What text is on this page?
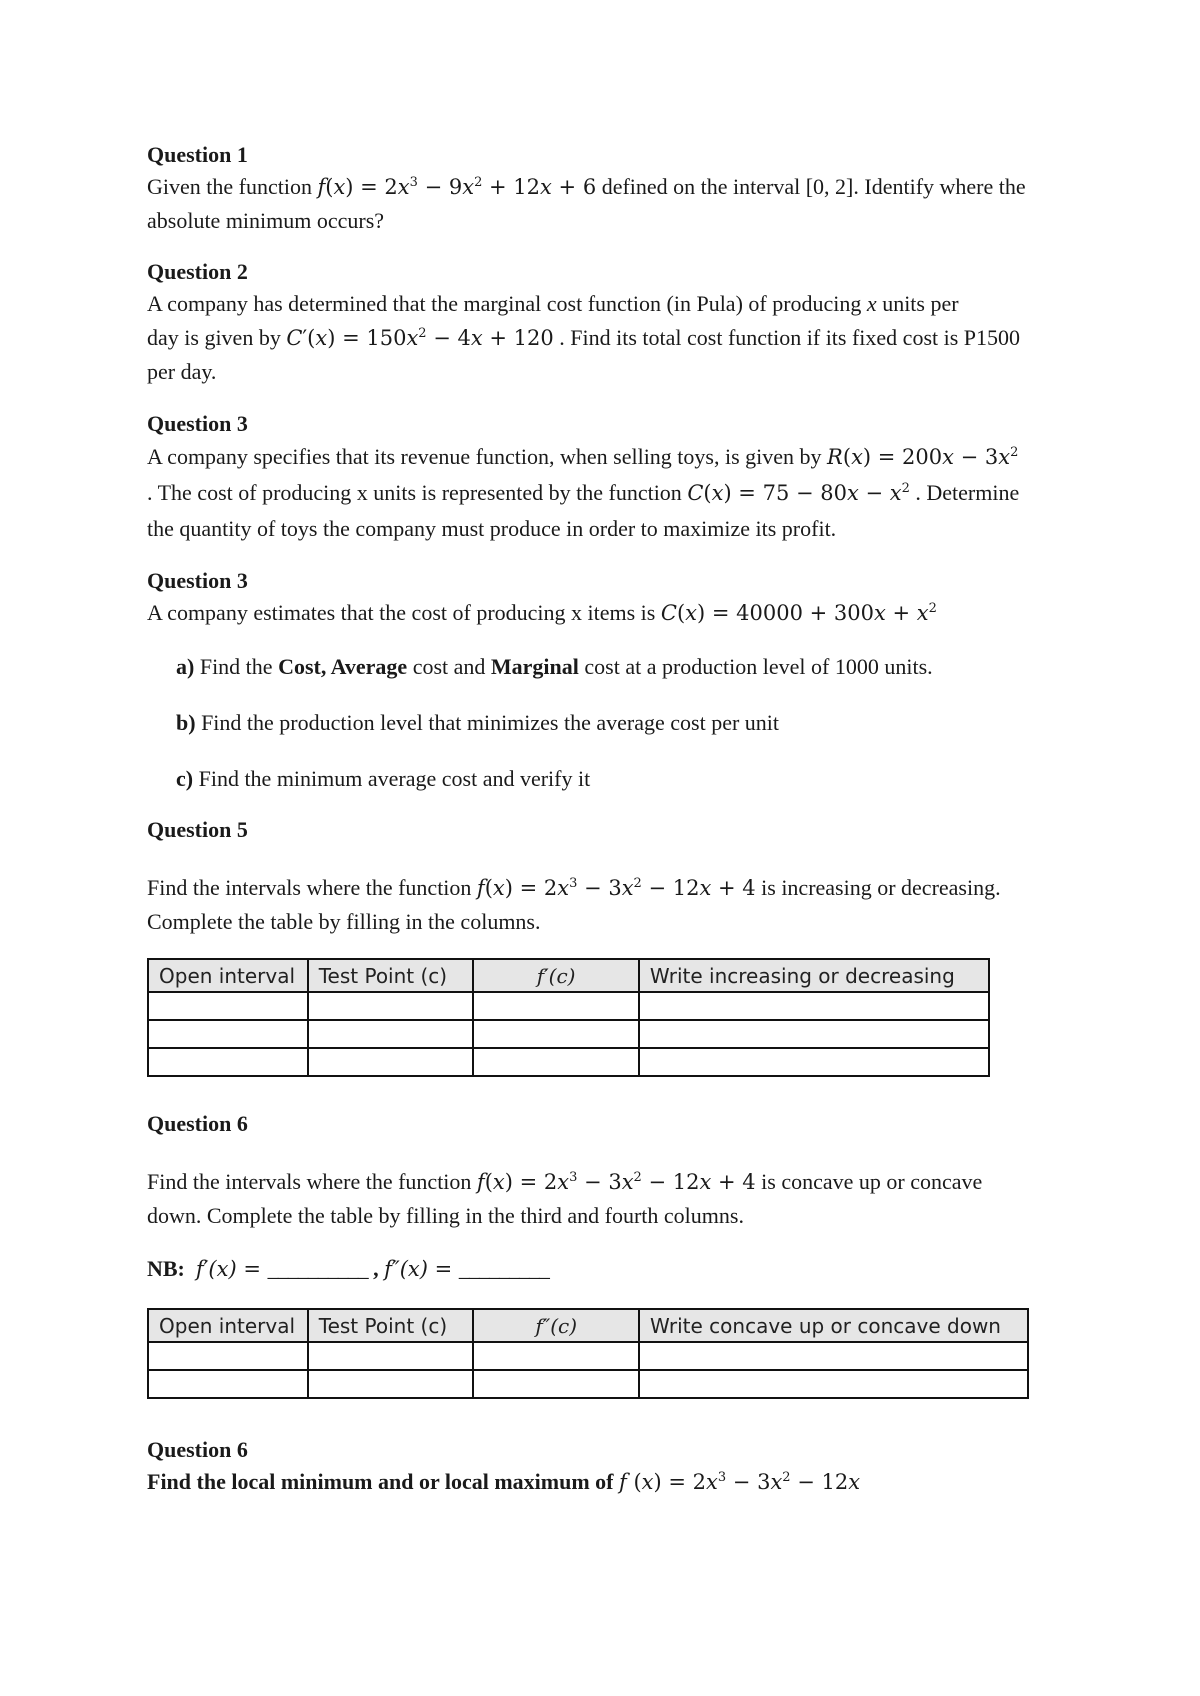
Question 1

Given the function $f(x) = 2x^3 - 9x^2 + 12x + 6$ defined on the interval [0, 2]. Identify where the absolute minimum occurs?

Question 2

A company has determined that the marginal cost function (in Pula) of producing x units per
day is given by $C'(x) = 150x^2 - 4x + 120$ . Find its total cost function if its fixed cost is P1500
per day.

Question 3

A company specifies that its revenue function, when selling toys, is given by $R(x) = 200x - 3x^2$
. The cost of producing x units is represented by the function $C(x) = 75 - 80x - x^2$ . Determine
the quantity of toys the company must produce in order to maximize its profit.

Question 3

A company estimates that the cost of producing x items is $C(x) = 40000 + 300x + x^2$

a) Find the Cost, Average cost and Marginal cost at a production level of 1000 units.

b) Find the production level that minimizes the average cost per unit

c) Find the minimum average cost and verify it

Question 5

Find the intervals where the function $f(x) = 2x^3 - 3x^2 - 12x + 4$ is increasing or decreasing.
Complete the table by filling in the columns.

Open interval	Test Point (c)	f′(c)	Write increasing or decreasing

Question 6

Find the intervals where the function $f(x) = 2x^3 - 3x^2 - 12x + 4$ is concave up or concave
down. Complete the table by filling in the third and fourth columns.

NB: f′(x) = __________ , f″(x) = _________

Open interval	Test Point (c)	f″(c)	Write concave up or concave down

Question 6

Find the local minimum and or local maximum of f $(x) = 2x^3 - 3x^2 - 12x$
